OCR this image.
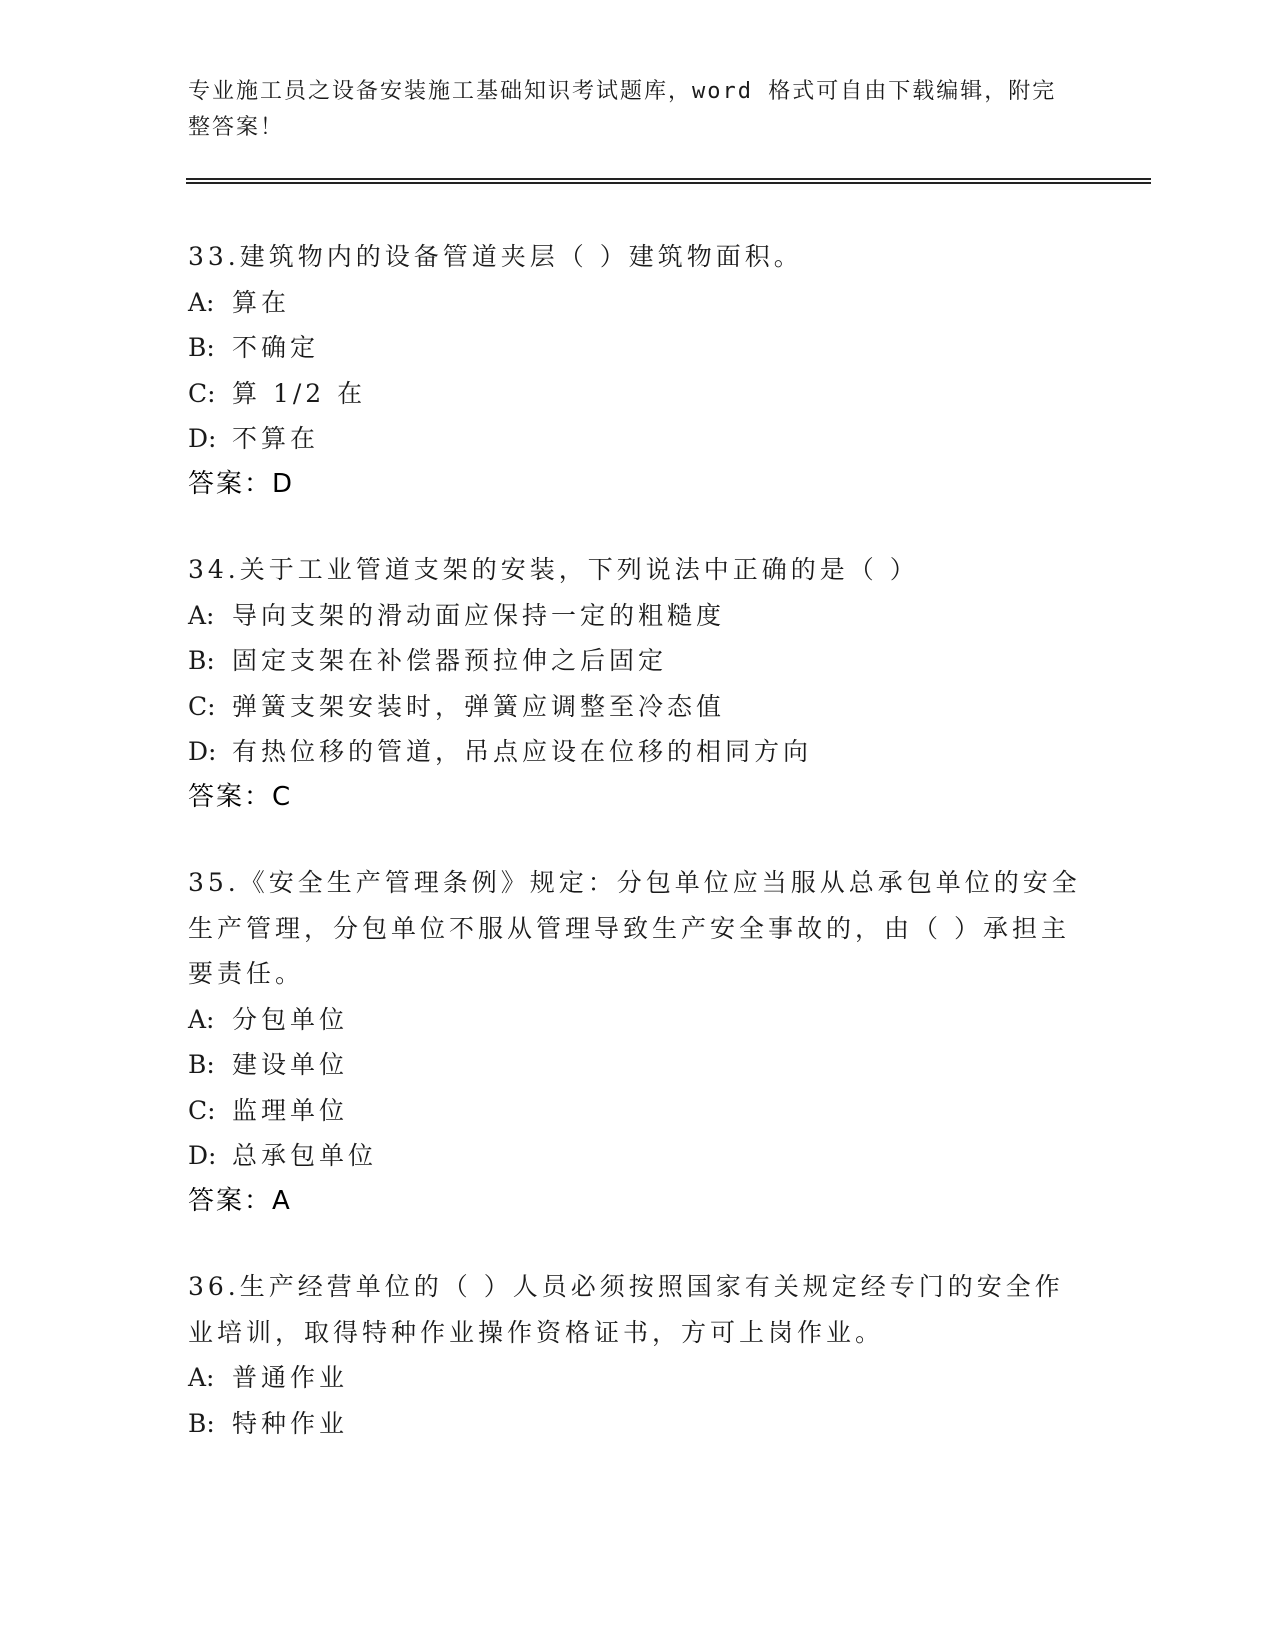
专业施工员之设备安装施工基础知识考试题库，word 格式可自由下载编辑，附完整答案！

33.建筑物内的设备管道夹层（ ）建筑物面积。

A: 算在
B: 不确定
C: 算 1/2 在
D: 不算在
答案：D

34.关于工业管道支架的安装，下列说法中正确的是（ ）

A: 导向支架的滑动面应保持一定的粗糙度
B: 固定支架在补偿器预拉伸之后固定
C: 弹簧支架安装时，弹簧应调整至冷态值
D: 有热位移的管道，吊点应设在位移的相同方向
答案：C

35.《安全生产管理条例》规定：分包单位应当服从总承包单位的安全生产管理，分包单位不服从管理导致生产安全事故的，由（ ）承担主要责任。

A: 分包单位
B: 建设单位
C: 监理单位
D: 总承包单位
答案：A

36.生产经营单位的（ ）人员必须按照国家有关规定经专门的安全作业培训，取得特种作业操作资格证书，方可上岗作业。

A: 普通作业
B: 特种作业
